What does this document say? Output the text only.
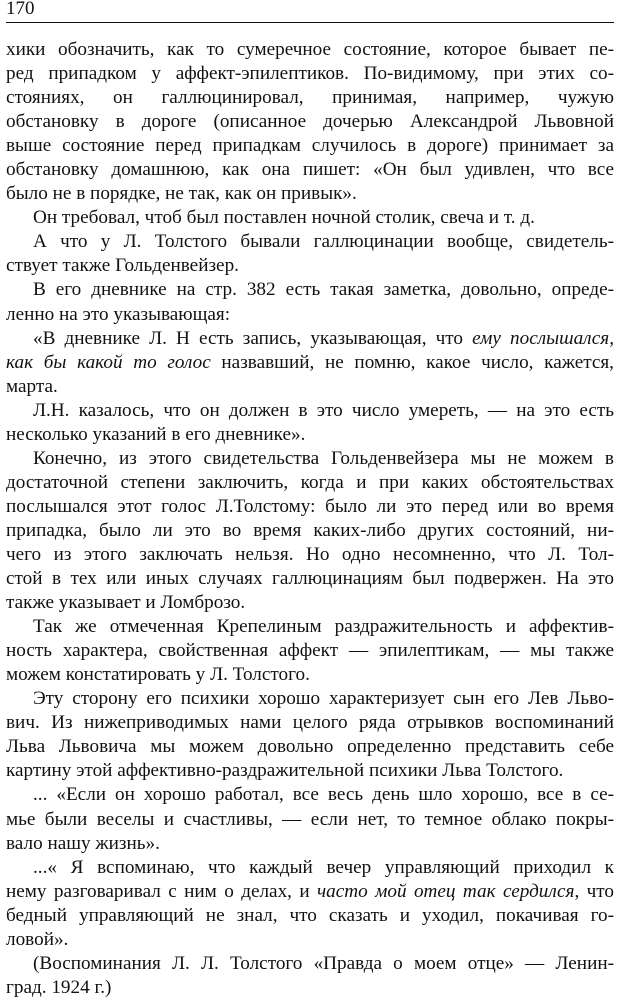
170
хики обозначить, как то сумеречное состояние, которое бывает пе-
ред припадком у аффект-эпилептиков. По-видимому, при этих со-
стояниях, он галлюцинировал, принимая, например, чужую
обстановку в дороге (описанное дочерью Александрой Львовной
выше состояние перед припадкам случилось в дороге) принимает за
обстановку домашнюю, как она пишет: «Он был удивлен, что все
было не в порядке, не так, как он привык».
Он требовал, чтоб был поставлен ночной столик, свеча и т. д.
А что у Л. Толстого бывали галлюцинации вообще, свидетель-
ствует также Гольденвейзер.
В его дневнике на стр. 382 есть такая заметка, довольно, опреде-
ленно на это указывающая:
«В дневнике Л. Н есть запись, указывающая, что ему послышался,
как бы какой то голос назвавший, не помню, какое число, кажется,
марта.
Л.Н. казалось, что он должен в это число умереть, — на это есть
несколько указаний в его дневнике».
Конечно, из этого свидетельства Гольденвейзера мы не можем в
достаточной степени заключить, когда и при каких обстоятельствах
послышался этот голос Л.Толстому: было ли это перед или во время
припадка, было ли это во время каких-либо других состояний, ни-
чего из этого заключать нельзя. Но одно несомненно, что Л. Тол-
стой в тех или иных случаях галлюцинациям был подвержен. На это
также указывает и Ломброзо.
Так же отмеченная Крепелиным раздражительность и аффектив-
ность характера, свойственная аффект — эпилептикам, — мы также
можем констатировать у Л. Толстого.
Эту сторону его психики хорошо характеризует сын его Лев Льво-
вич. Из нижеприводимых нами целого ряда отрывков воспоминаний
Льва Львовича мы можем довольно определенно представить себе
картину этой аффективно-раздражительной психики Льва Толстого.
... «Если он хорошо работал, все весь день шло хорошо, все в се-
мье были веселы и счастливы, — если нет, то темное облако покры-
вало нашу жизнь».
...« Я вспоминаю, что каждый вечер управляющий приходил к
нему разговаривал с ним о делах, и часто мой отец так сердился, что
бедный управляющий не знал, что сказать и уходил, покачивая го-
ловой».
(Воспоминания Л. Л. Толстого «Правда о моем отце» — Ленин-
град. 1924 г.)
